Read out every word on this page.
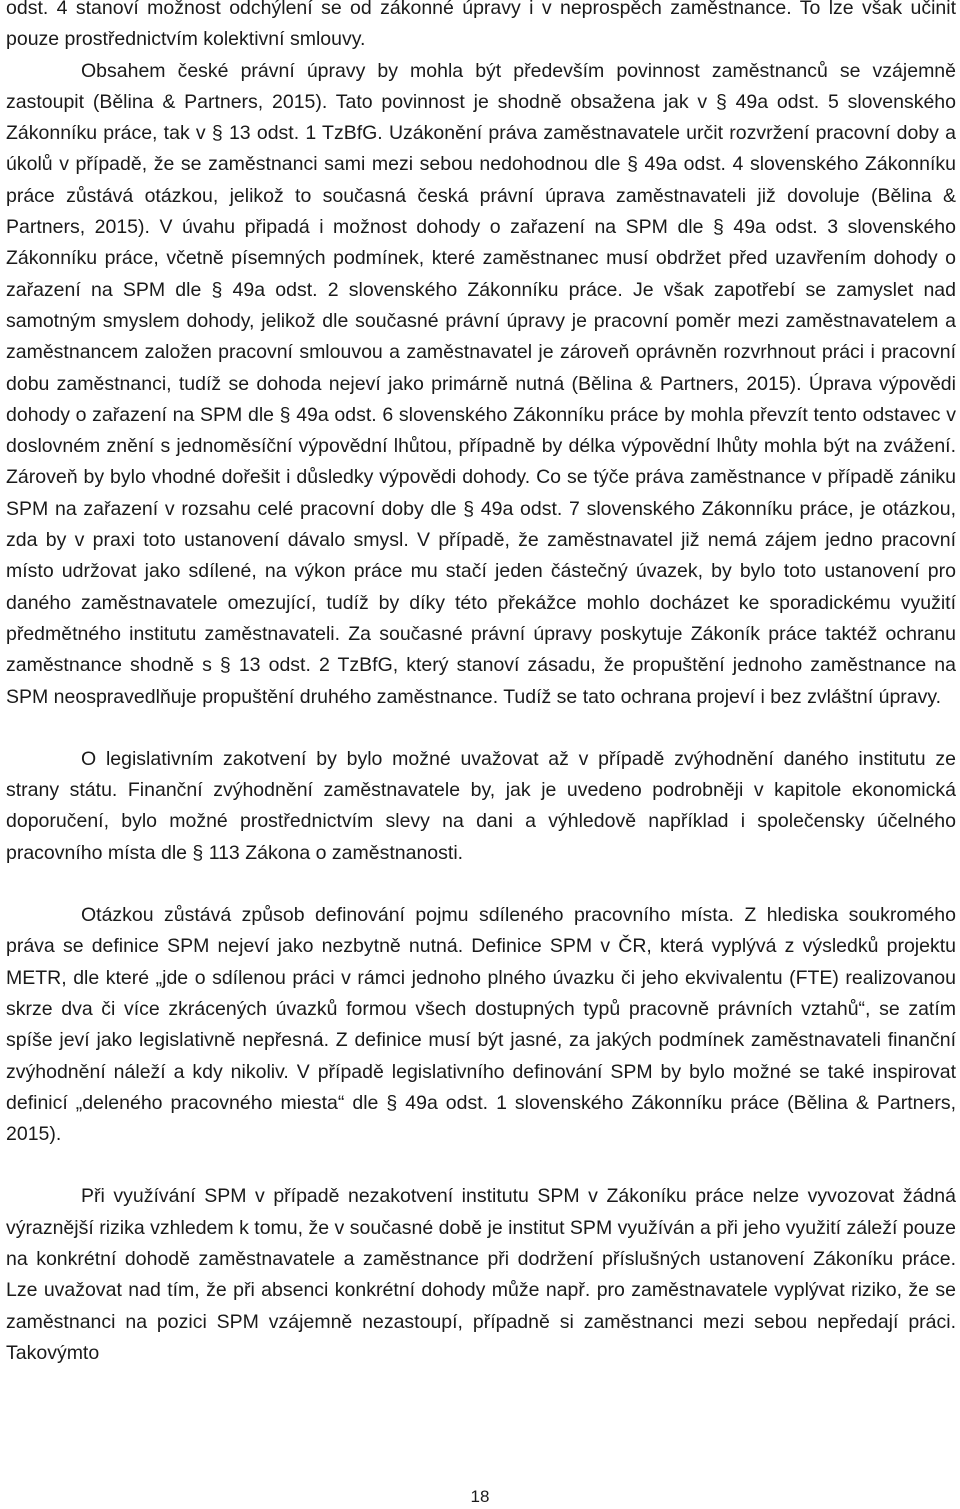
odst. 4 stanoví možnost odchýlení se od zákonné úpravy i v neprospěch zaměstnance. To lze však učinit pouze prostřednictvím kolektivní smlouvy.

Obsahem české právní úpravy by mohla být především povinnost zaměstnanců se vzájemně zastoupit (Bělina & Partners, 2015). Tato povinnost je shodně obsažena jak v § 49a odst. 5 slovenského Zákonníku práce, tak v § 13 odst. 1 TzBfG. Uzákonění práva zaměstnavatele určit rozvržení pracovní doby a úkolů v případě, že se zaměstnanci sami mezi sebou nedohodnou dle § 49a odst. 4 slovenského Zákonníku práce zůstává otázkou, jelikož to současná česká právní úprava zaměstnavateli již dovoluje (Bělina & Partners, 2015). V úvahu připadá i možnost dohody o zařazení na SPM dle § 49a odst. 3 slovenského Zákonníku práce, včetně písemných podmínek, které zaměstnanec musí obdržet před uzavřením dohody o zařazení na SPM dle § 49a odst. 2 slovenského Zákonníku práce. Je však zapotřebí se zamyslet nad samotným smyslem dohody, jelikož dle současné právní úpravy je pracovní poměr mezi zaměstnavatelem a zaměstnancem založen pracovní smlouvou a zaměstnavatel je zároveň oprávněn rozvrhnout práci i pracovní dobu zaměstnanci, tudíž se dohoda nejeví jako primárně nutná (Bělina & Partners, 2015). Úprava výpovědi dohody o zařazení na SPM dle § 49a odst. 6 slovenského Zákonníku práce by mohla převzít tento odstavec v doslovném znění s jednoměsíční výpovědní lhůtou, případně by délka výpovědní lhůty mohla být na zvážení. Zároveň by bylo vhodné dořešit i důsledky výpovědi dohody. Co se týče práva zaměstnance v případě zániku SPM na zařazení v rozsahu celé pracovní doby dle § 49a odst. 7 slovenského Zákonníku práce, je otázkou, zda by v praxi toto ustanovení dávalo smysl. V případě, že zaměstnavatel již nemá zájem jedno pracovní místo udržovat jako sdílené, na výkon práce mu stačí jeden částečný úvazek, by bylo toto ustanovení pro daného zaměstnavatele omezující, tudíž by díky této překážce mohlo docházet ke sporadickému využití předmětného institutu zaměstnavateli. Za současné právní úpravy poskytuje Zákoník práce taktéž ochranu zaměstnance shodně s § 13 odst. 2 TzBfG, který stanoví zásadu, že propuštění jednoho zaměstnance na SPM neospravedlňuje propuštění druhého zaměstnance. Tudíž se tato ochrana projeví i bez zvláštní úpravy.

O legislativním zakotvení by bylo možné uvažovat až v případě zvýhodnění daného institutu ze strany státu. Finanční zvýhodnění zaměstnavatele by, jak je uvedeno podrobněji v kapitole ekonomická doporučení, bylo možné prostřednictvím slevy na dani a výhledově například i společensky účelného pracovního místa dle § 113 Zákona o zaměstnanosti.

Otázkou zůstává způsob definování pojmu sdíleného pracovního místa. Z hlediska soukromého práva se definice SPM nejeví jako nezbytně nutná. Definice SPM v ČR, která vyplývá z výsledků projektu METR, dle které „jde o sdílenou práci v rámci jednoho plného úvazku či jeho ekvivalentu (FTE) realizovanou skrze dva či více zkrácených úvazků formou všech dostupných typů pracovně právních vztahů“, se zatím spíše jeví jako legislativně nepřesná. Z definice musí být jasné, za jakých podmínek zaměstnavateli finanční zvýhodnění náleží a kdy nikoliv. V případě legislativního definování SPM by bylo možné se také inspirovat definicí „deleného pracovného miesta“ dle § 49a odst. 1 slovenského Zákonníku práce (Bělina & Partners, 2015).

Při využívání SPM v případě nezakotvení institutu SPM v Zákoníku práce nelze vyvozovat žádná výraznější rizika vzhledem k tomu, že v současné době je institut SPM využíván a při jeho využití záleží pouze na konkrétní dohodě zaměstnavatele a zaměstnance při dodržení příslušných ustanovení Zákoníku práce. Lze uvažovat nad tím, že při absenci konkrétní dohody může např. pro zaměstnavatele vyplývat riziko, že se zaměstnanci na pozici SPM vzájemně nezastoupí, případně si zaměstnanci mezi sebou nepředají práci. Takovýmto

18
